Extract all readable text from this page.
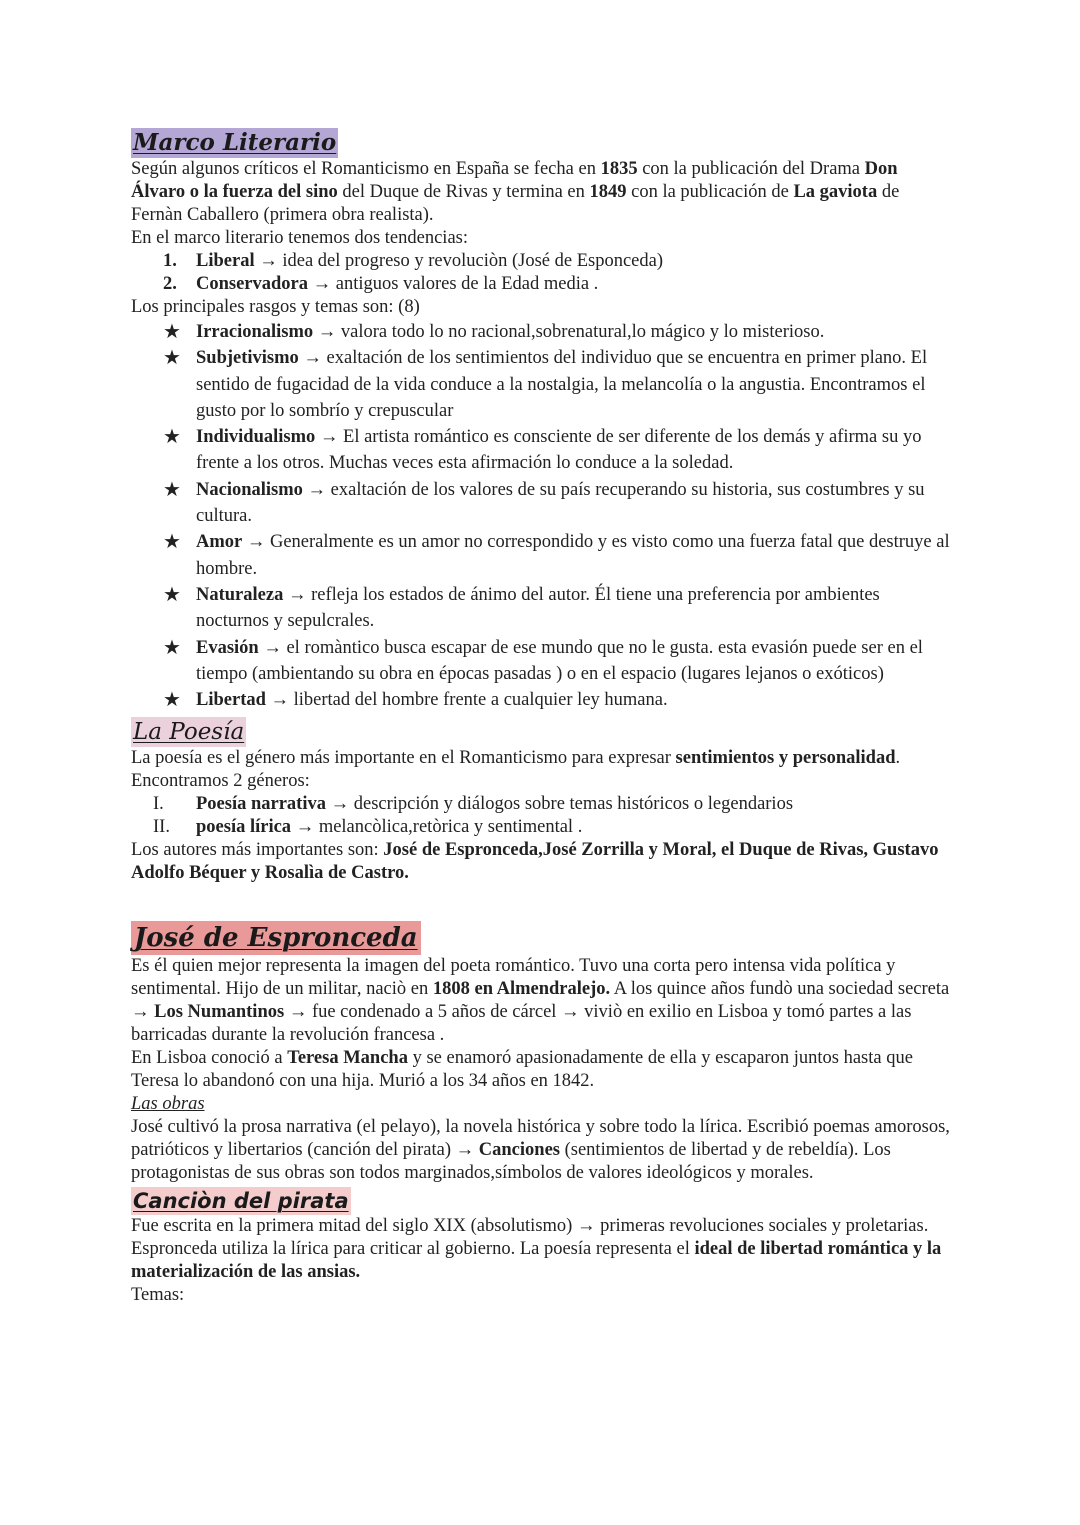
Marco Literario

Según algunos críticos el Romanticismo en España se fecha en 1835 con la publicación del Drama Don Álvaro o la fuerza del sino del Duque de Rivas y termina en 1849 con la publicación de La gaviota de Fernàn Caballero (primera obra realista).

En el marco literario tenemos dos tendencias:

1. Liberal → idea del progreso y revoluciòn (José de Esponceda)
2. Conservadora → antiguos valores de la Edad media .

Los principales rasgos y temas son: (8)

★ Irracionalismo → valora todo lo no racional,sobrenatural,lo mágico y lo misterioso.
★ Subjetivismo → exaltación de los sentimientos del individuo que se encuentra en primer plano. El sentido de fugacidad de la vida conduce a la nostalgia, la melancolía o la angustia. Encontramos el gusto por lo sombrío y crepuscular
★ Individualismo → El artista romántico es consciente de ser diferente de los demás y afirma su yo frente a los otros. Muchas veces esta afirmación lo conduce a la soledad.
★ Nacionalismo → exaltación de los valores de su país recuperando su historia, sus costumbres y su cultura.
★ Amor → Generalmente es un amor no correspondido y es visto como una fuerza fatal que destruye al hombre.
★ Naturaleza → refleja los estados de ánimo del autor. Él tiene una preferencia por ambientes nocturnos y sepulcrales.
★ Evasión → el romàntico busca escapar de ese mundo que no le gusta. esta evasión puede ser en el tiempo (ambientando su obra en épocas pasadas ) o en el espacio (lugares lejanos o exóticos)
★ Libertad → libertad del hombre frente a cualquier ley humana.
La Poesía

La poesía es el género más importante en el Romanticismo para expresar sentimientos y personalidad. Encontramos 2 géneros:

I. Poesía narrativa → descripción y diálogos sobre temas históricos o legendarios
II. poesía lírica → melancòlica,retòrica y sentimental .

Los autores más importantes son: José de Espronceda,José Zorrilla y Moral, el Duque de Rivas, Gustavo Adolfo Béquer y Rosalìa de Castro.

José de Espronceda

Es él quien mejor representa la imagen del poeta romántico. Tuvo una corta pero intensa vida política y sentimental. Hijo de un militar, naciò en 1808 en Almendralejo. A los quince años fundò una sociedad secreta → Los Numantinos → fue condenado a 5 años de cárcel → viviò en exilio en Lisboa y tomó partes a las barricadas durante la revolución francesa .

En Lisboa conoció a Teresa Mancha y se enamoró apasionadamente de ella y escaparon juntos hasta que Teresa lo abandonó con una hija. Murió a los 34 años en 1842.

Las obras

José cultivó la prosa narrativa (el pelayo), la novela histórica y sobre todo la lírica. Escribió poemas amorosos, patrióticos y libertarios (canción del pirata) → Canciones (sentimientos de libertad y de rebeldía). Los protagonistas de sus obras son todos marginados,símbolos de valores ideológicos y morales.

Canciòn del pirata

Fue escrita en la primera mitad del siglo XIX (absolutismo) → primeras revoluciones sociales y proletarias. Espronceda utiliza la lírica para criticar al gobierno. La poesía representa el ideal de libertad romántica y la materialización de las ansias.

Temas:
